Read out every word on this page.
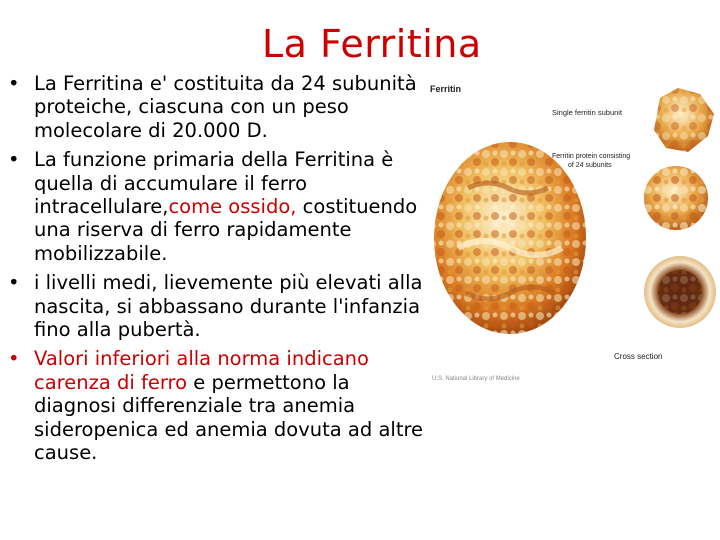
La Ferritina
• La Ferritina e' costituita da 24 subunità proteiche, ciascuna con un peso molecolare di 20.000 D.
• La funzione primaria della Ferritina è quella di accumulare il ferro intracellulare,come ossido, costituendo una riserva di ferro rapidamente mobilizzabile.
• i livelli medi, lievemente più elevati alla nascita, si abbassano durante l'infanzia fino alla pubertà.
• Valori inferiori alla norma indicano carenza di ferro e permettono la diagnosi differenziale tra anemia sideropenica ed anemia dovuta ad altre cause.
Ferritin
Single ferritin subunit
Ferritin protein consisting
of 24 subunits
Cross section
U.S. National Library of Medicine
